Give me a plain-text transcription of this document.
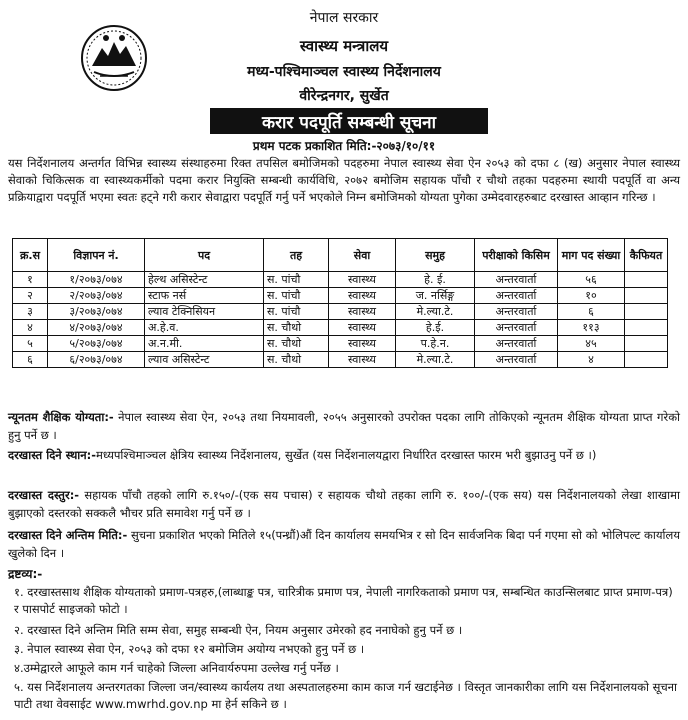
नेपाल सरकार
स्वास्थ्य मन्त्रालय
मध्य-पश्चिमाञ्चल स्वास्थ्य निर्देशनालय
वीरेन्द्रनगर, सुर्खेत
करार पदपूर्ति सम्बन्धी सूचना
प्रथम पटक प्रकाशित मिति:-२०७३/१०/११
यस निर्देशनालय अन्तर्गत विभिन्न स्वास्थ्य संस्थाहरुमा रिक्त तपसिल बमोजिमको पदहरुमा नेपाल स्वास्थ्य सेवा ऐन २०५३ को दफा ८ (ख) अनुसार नेपाल स्वास्थ्य सेवाको चिकित्सक वा स्वास्थ्यकर्मीको पदमा करार नियुक्ति सम्बन्धी कार्यविधि, २०७२ बमोजिम सहायक पाँचौ र चौथो तहका पदहरुमा स्थायी पदपूर्ति वा अन्य प्रक्रियाद्वारा पदपूर्ति भएमा स्वतः हट्ने गरी करार सेवाद्वारा पदपूर्ति गर्नु पर्ने भएकोले निम्न बमोजिमको योग्यता पुगेका उम्मेदवारहरुबाट दरखास्त आव्हान गरिन्छ ।
क्र.स	विज्ञापन नं.	पद	तह	सेवा	समुह	परीक्षाको किसिम	माग पद संख्या	कैफियत
१	१/२०७३/०७४	हेल्थ असिस्टेन्ट	स. पांचौ	स्वास्थ्य	हे. ई.	अन्तरवार्ता	५६	
२	२/२०७३/०७४	स्टाफ नर्स	स. पांचौ	स्वास्थ्य	ज. नर्सिङ्ग	अन्तरवार्ता	१०	
३	३/२०७३/०७४	ल्याव टेक्निसियन	स. पांचौ	स्वास्थ्य	मे.ल्या.टे.	अन्तरवार्ता	६	
४	४/२०७३/०७४	अ.हे.व.	स. चौथो	स्वास्थ्य	हे.ई.	अन्तरवार्ता	११३	
५	५/२०७३/०७४	अ.न.मी.	स. चौथो	स्वास्थ्य	प.हे.न.	अन्तरवार्ता	४५	
६	६/२०७३/०७४	ल्याव असिस्टेन्ट	स. चौथो	स्वास्थ्य	मे.ल्या.टे.	अन्तरवार्ता	४	
न्यूनतम शैक्षिक योग्यता:- नेपाल स्वास्थ्य सेवा ऐन, २०५३ तथा नियमावली, २०५५ अनुसारको उपरोक्त पदका लागि तोकिएको न्यूनतम शैक्षिक योग्यता प्राप्त गरेको हुनु पर्ने छ ।
दरखास्त दिने स्थान:-मध्यपश्चिमाञ्चल क्षेत्रिय स्वास्थ्य निर्देशनालय, सुर्खेत (यस निर्देशनालयद्वारा निर्धारित दरखास्त फारम भरी बुझाउनु पर्ने छ ।)
दरखास्त दस्तुर:- सहायक पाँचौ तहको लागि रु.१५०/-(एक सय पचास) र सहायक चौथो तहका लागि रु. १००/-(एक सय) यस निर्देशनालयको लेखा शाखामा बुझाएको दस्तरको सक्कलै भौचर प्रति समावेश गर्नु पर्ने छ ।
दरखास्त दिने अन्तिम मिति:- सुचना प्रकाशित भएको मितिले १५(पन्ध्रौं)औं दिन कार्यालय समयभित्र र सो दिन सार्वजनिक बिदा पर्न गएमा सो को भोलिपल्ट कार्यालय खुलेको दिन ।
द्रष्टव्य:-
१. दरखास्तसाथ शैक्षिक योग्यताको प्रमाण-पत्रहरु,(लाब्धाङ्क पत्र, चारित्रीक प्रमाण पत्र, नेपाली नागरिकताको प्रमाण पत्र, सम्बन्धित काउन्सिलबाट प्राप्त प्रमाण-पत्र) र पासपोर्ट साइजको फोटो ।
२. दरखास्त दिने अन्तिम मिति सम्म सेवा, समुह सम्बन्धी ऐन, नियम अनुसार उमेरको हद ननाघेको हुनु पर्ने छ ।
३. नेपाल स्वास्थ्य सेवा ऐन, २०५३ को दफा १२ बमोजिम अयोग्य नभएको हुनु पर्ने छ ।
४.उम्मेद्वारले आफूले काम गर्न चाहेको जिल्ला अनिवार्यरुपमा उल्लेख गर्नु पर्नेछ ।
५. यस निर्देशनालय अन्तरगतका जिल्ला जन/स्वास्थ्य कार्यलय तथा अस्पतालहरुमा काम काज गर्न खटाईनेछ । विस्तृत जानकारीका लागि यस निर्देशनालयको सूचना पाटी तथा वेवसाईट www.mwrhd.gov.np मा हेर्न सकिने छ ।
